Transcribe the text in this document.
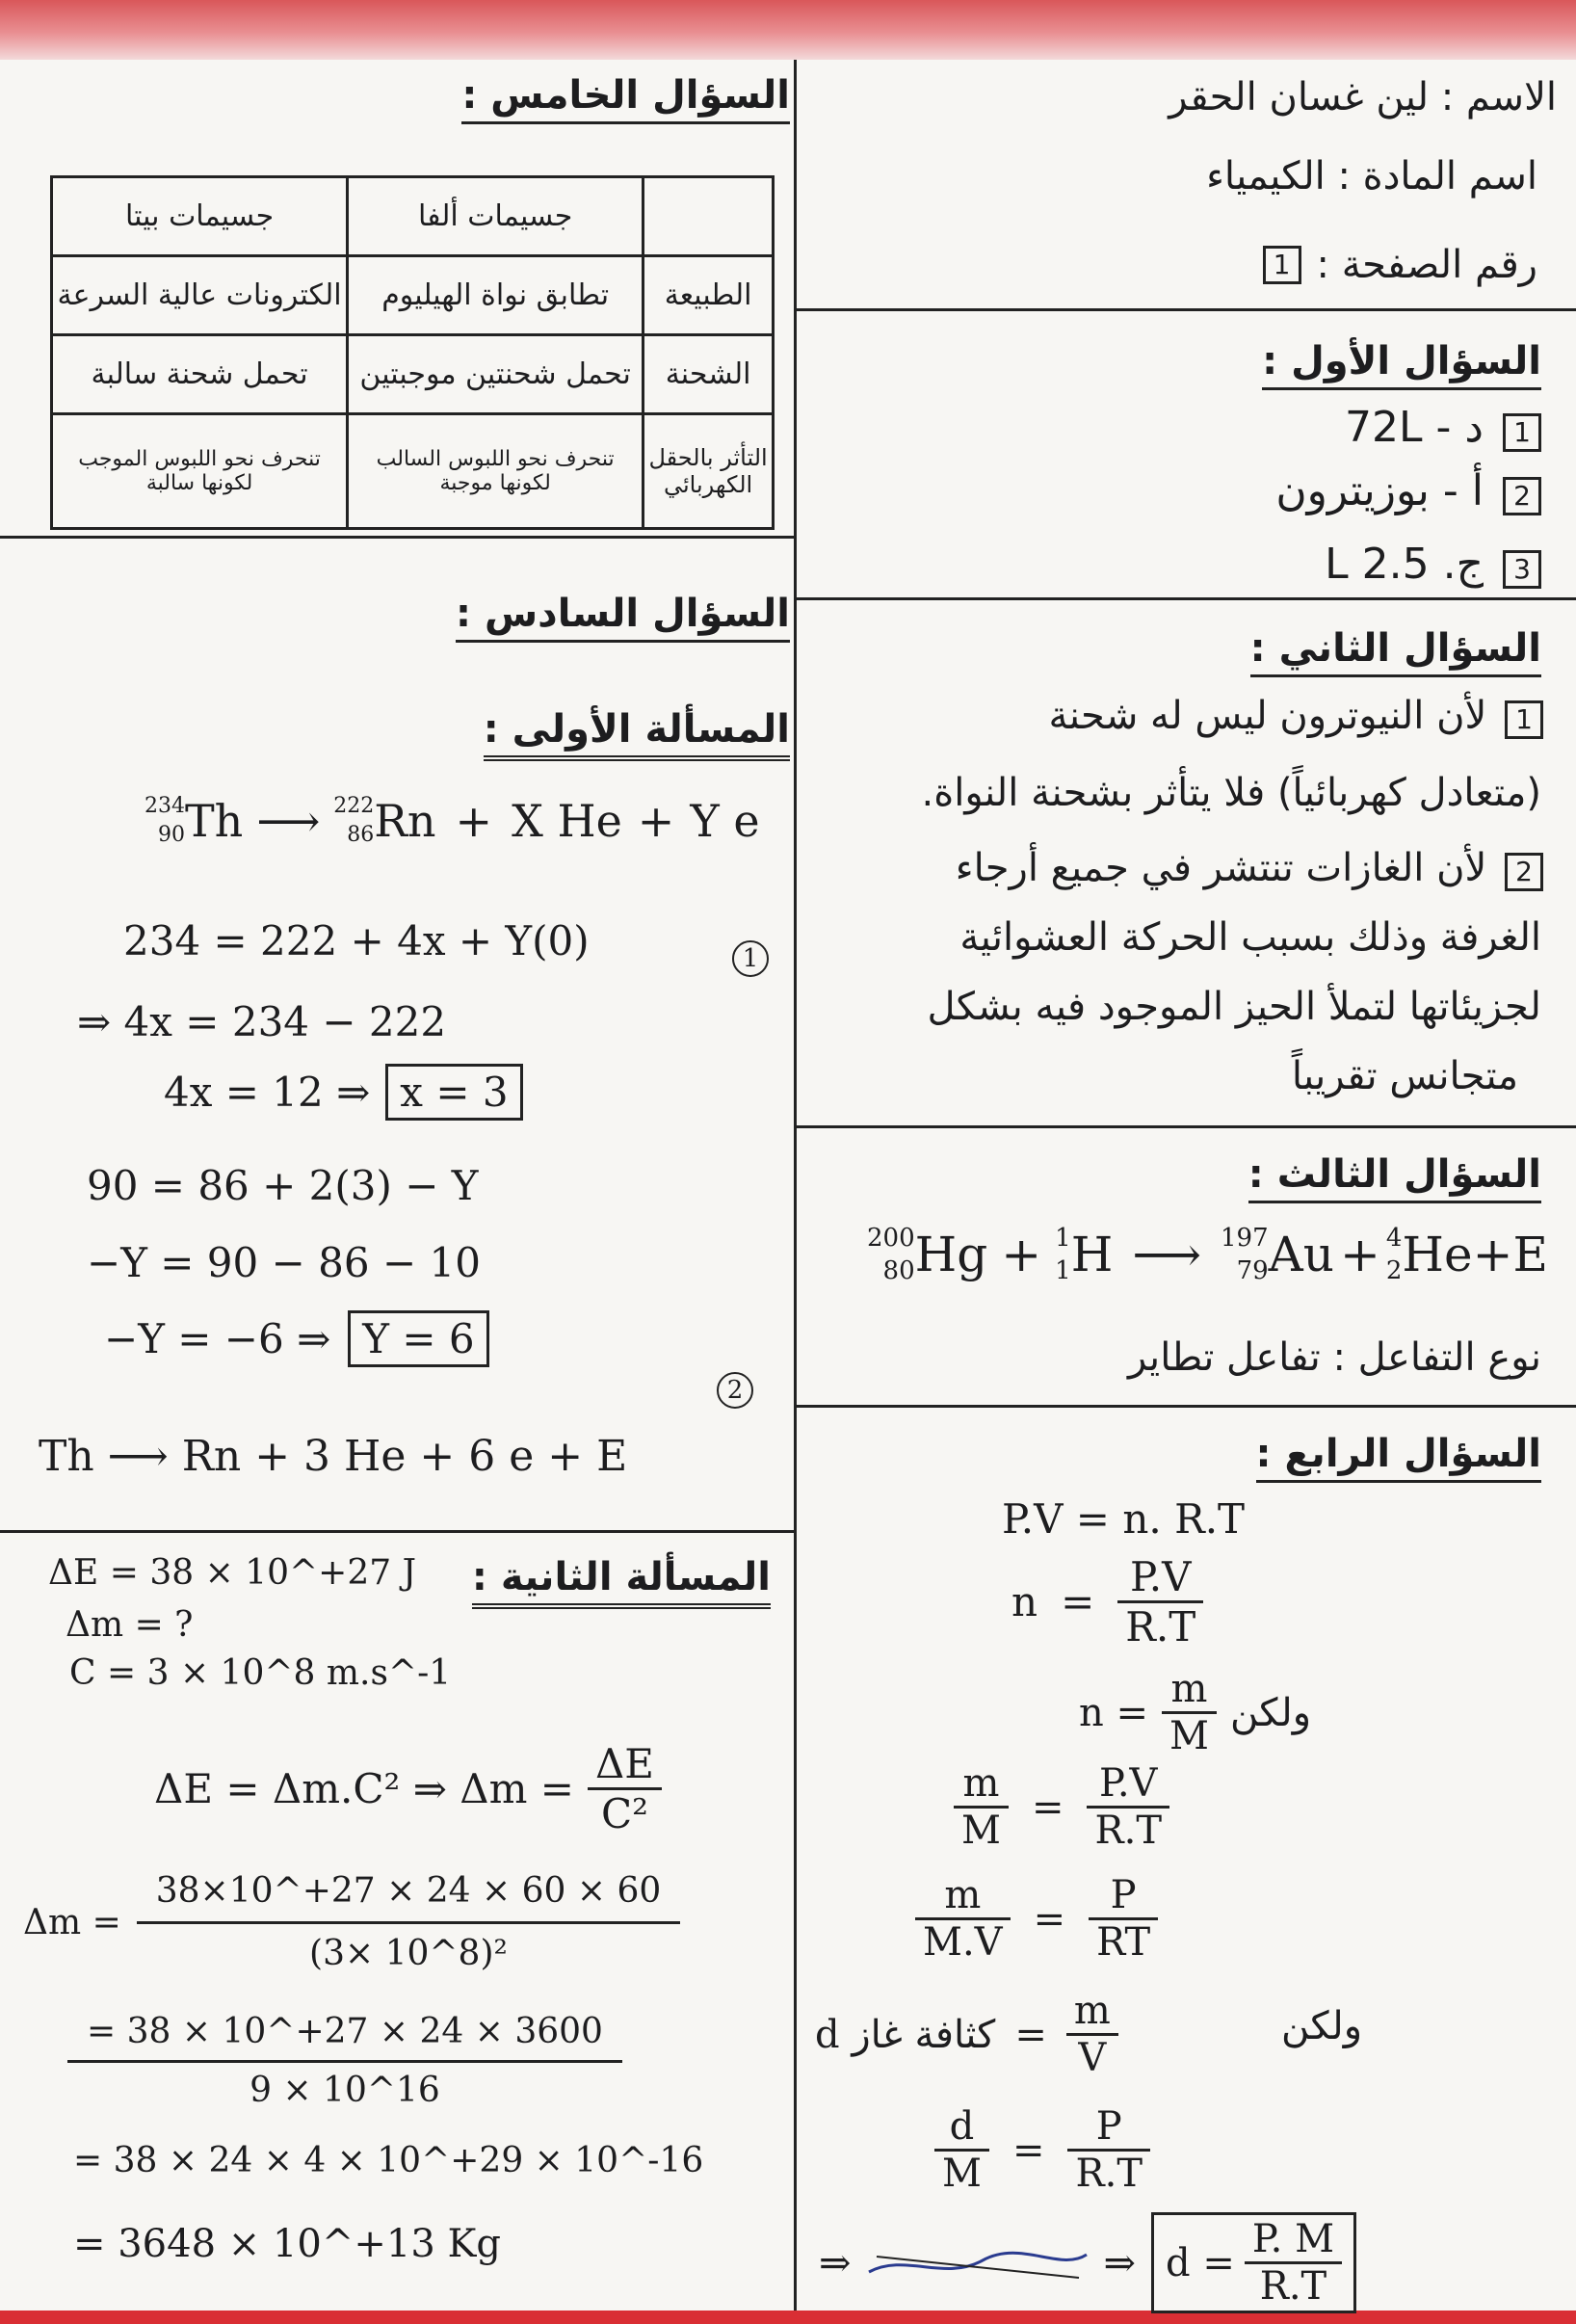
الاسم : لين غسان الحقر
اسم المادة : الكيمياء
رقم الصفحة :
1
السؤال الأول :
1 د - 72L
2 أ - بوزيترون
3 ج. 2.5 L
السؤال الثاني :
1 لأن النيوترون ليس له شحنة
(متعادل كهربائياً) فلا يتأثر بشحنة النواة.
2 لأن الغازات تنتشر في جميع أرجاء
الغرفة وذلك بسبب الحركة العشوائية
لجزيئاتها لتملأ الحيز الموجود فيه بشكل
متجانس تقريباً
السؤال الثالث :
200
80 Hg + 1
1 H ⟶ 197
79 Au + 4
2 He +E
نوع التفاعل : تفاعل تطاير
السؤال الرابع :
P.V = n. R.T
$n = \frac{P.V}{R.T}$
$n = \frac{m}{M}$ ولكن
$\frac{m}{M} = \frac{P.V}{R.T}$
$\frac{m}{M.V} = \frac{P}{RT}$
ولكن
d كثافة غاز = $\frac{m}{V}$
$\frac{d}{M} = \frac{P}{R.T}$
⇒	⇒ $d = \frac{P. M}{R.T}$
السؤال الخامس :
	جسيمات ألفا	جسيمات بيتا
الطبيعة	تطابق نواة الهيليوم	الكترونات عالية السرعة
الشحنة	تحمل شحنتين موجبتين	تحمل شحنة سالبة
التأثر بالحقل الكهربائي	تنحرف نحو اللبوس السالب لكونها موجبة	تنحرف نحو اللبوس الموجب لكونها سالبة
السؤال السادس :
المسألة الأولى :
234
90 Th ⟶ 222
86 Rn + X He + Y e
234 = 222 + 4x + Y(0)	1
⇒ 4x = 234 − 222
4x = 12 ⇒ x = 3
90 = 86 + 2(3) − Y
−Y = 90 − 86 − 10
−Y = −6 ⇒ Y = 6
2
Th ⟶ Rn + 3 He + 6 e + E
المسألة الثانية :
ΔE = 38 × 10^+27 J
Δm = ?
C = 3 × 10^8 m.s^-1
ΔE = Δm.C² ⇒ $\Delta m = \frac{\Delta E}{\text{C²}}$
$\Delta m = \frac{38\times 10\^{}+27 \times 24 \times 60 \times 60}{\text{(3× 10\textasciicircum{}8)²}}$
$\frac{= 38 \times 10\^{}+27 \times 24 \times 3600}{9 \times 10\^{}16}$
= 38 × 24 × 4 × 10^+29 × 10^-16
= 3648 × 10^+13 Kg
